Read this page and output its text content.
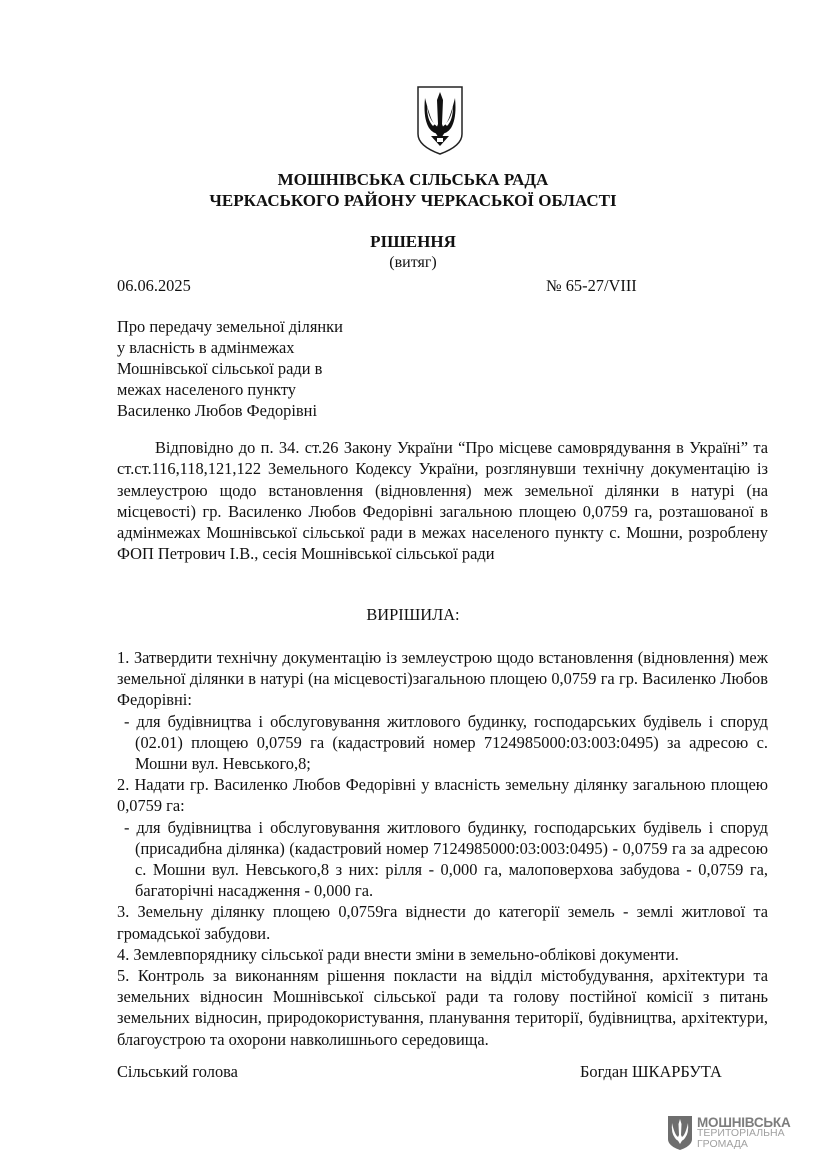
МОШНІВСЬКА СІЛЬСЬКА РАДА
ЧЕРКАСЬКОГО РАЙОНУ ЧЕРКАСЬКОЇ ОБЛАСТІ
РІШЕННЯ
(витяг)
06.06.2025	№ 65-27/VIII
Про передачу земельної ділянки
у власність в адмінмежах
Мошнівської сільської ради в
межах населеного пункту
Василенко Любов Федорівні

Відповідно до п. 34. ст.26 Закону України “Про місцеве самоврядування в Україні” та ст.ст.116,118,121,122 Земельного Кодексу України, розглянувши технічну документацію із землеустрою щодо встановлення (відновлення) меж земельної ділянки в натурі (на місцевості) гр. Василенко Любов Федорівні загальною площею 0,0759 га, розташованої в адмінмежах Мошнівської сільської ради в межах населеного пункту с. Мошни, розроблену ФОП Петрович І.В., сесія Мошнівської сільської ради

ВИРІШИЛА:

1. Затвердити технічну документацію із землеустрою щодо встановлення (відновлення) меж земельної ділянки в натурі (на місцевості)загальною площею 0,0759 га гр. Василенко Любов Федорівні:

- для будівництва і обслуговування житлового будинку, господарських будівель і споруд (02.01) площею 0,0759 га (кадастровий номер 7124985000:03:003:0495) за адресою с. Мошни вул. Невського,8;

2. Надати гр. Василенко Любов Федорівні у власність земельну ділянку загальною площею 0,0759 га:

- для будівництва і обслуговування житлового будинку, господарських будівель і споруд (присадибна ділянка) (кадастровий номер 7124985000:03:003:0495) - 0,0759 га за адресою с. Мошни вул. Невського,8 з них: рілля - 0,000 га, малоповерхова забудова - 0,0759 га, багаторічні насадження - 0,000 га.

3. Земельну ділянку площею 0,0759га віднести до категорії земель - землі житлової та громадської забудови.

4. Землевпоряднику сільської ради внести зміни в земельно-облікові документи.

5. Контроль за виконанням рішення покласти на відділ містобудування, архітектури та земельних відносин Мошнівської сільської ради та голову постійної комісії з питань земельних відносин, природокористування, планування території, будівництва, архітектури, благоустрою та охорони навколишнього середовища.

Сільський голова	Богдан ШКАРБУТА
МОШНІВСЬКА
ТЕРИТОРІАЛЬНА
ГРОМАДА
